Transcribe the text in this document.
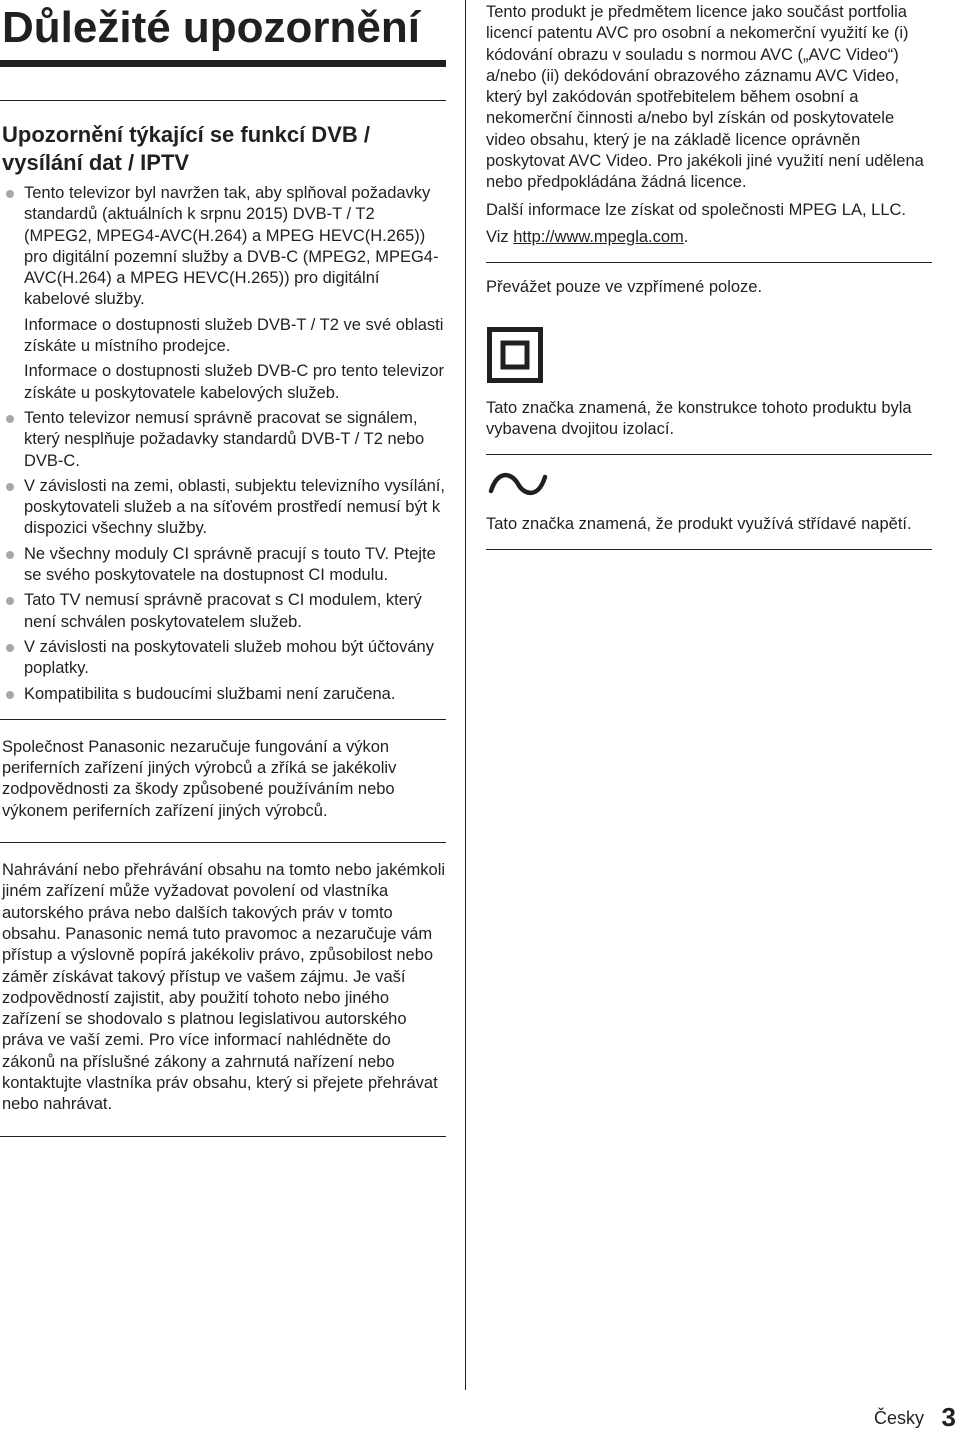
Důležité upozornění
Upozornění týkající se funkcí DVB / vysílání dat / IPTV
Tento televizor byl navržen tak, aby splňoval požadavky standardů (aktuálních k srpnu 2015) DVB-T / T2 (MPEG2, MPEG4-AVC(H.264) a MPEG HEVC(H.265)) pro digitální pozemní služby a DVB-C (MPEG2, MPEG4-AVC(H.264) a MPEG HEVC(H.265)) pro digitální kabelové služby.

Informace o dostupnosti služeb DVB-T / T2 ve své oblasti získáte u místního prodejce.

Informace o dostupnosti služeb DVB-C pro tento televizor získáte u poskytovatele kabelových služeb.

Tento televizor nemusí správně pracovat se signálem, který nesplňuje požadavky standardů DVB-T / T2 nebo DVB-C.
V závislosti na zemi, oblasti, subjektu televizního vysílání, poskytovateli služeb a na síťovém prostředí nemusí být k dispozici všechny služby.
Ne všechny moduly CI správně pracují s touto TV. Ptejte se svého poskytovatele na dostupnost CI modulu.
Tato TV nemusí správně pracovat s CI modulem, který není schválen poskytovatelem služeb.
V závislosti na poskytovateli služeb mohou být účtovány poplatky.
Kompatibilita s budoucími službami není zaručena.

Společnost Panasonic nezaručuje fungování a výkon periferních zařízení jiných výrobců a zříká se jakékoliv zodpovědnosti za škody způsobené používáním nebo výkonem periferních zařízení jiných výrobců.

Nahrávání nebo přehrávání obsahu na tomto nebo jakémkoli jiném zařízení může vyžadovat povolení od vlastníka autorského práva nebo dalších takových práv v tomto obsahu. Panasonic nemá tuto pravomoc a nezaručuje vám přístup a výslovně popírá jakékoliv právo, způsobilost nebo záměr získávat takový přístup ve vašem zájmu. Je vaší zodpovědností zajistit, aby použití tohoto nebo jiného zařízení se shodovalo s platnou legislativou autorského práva ve vaší zemi. Pro více informací nahlédněte do zákonů na příslušné zákony a zahrnutá nařízení nebo kontaktujte vlastníka práv obsahu, který si přejete přehrávat nebo nahrávat.

Tento produkt je předmětem licence jako součást portfolia licencí patentu AVC pro osobní a nekomerční využití ke (i) kódování obrazu v souladu s normou AVC („AVC Video“) a/nebo (ii) dekódování obrazového záznamu AVC Video, který byl zakódován spotřebitelem během osobní a nekomerční činnosti a/nebo byl získán od poskytovatele video obsahu, který je na základě licence oprávněn poskytovat AVC Video. Pro jakékoli jiné využití není udělena nebo předpokládána žádná licence.

Další informace lze získat od společnosti MPEG LA, LLC.

Viz http://www.mpegla.com.

Převážet pouze ve vzpřímené poloze.

Tato značka znamená, že konstrukce tohoto produktu byla vybavena dvojitou izolací.

Tato značka znamená, že produkt využívá střídavé napětí.

Česky 3
